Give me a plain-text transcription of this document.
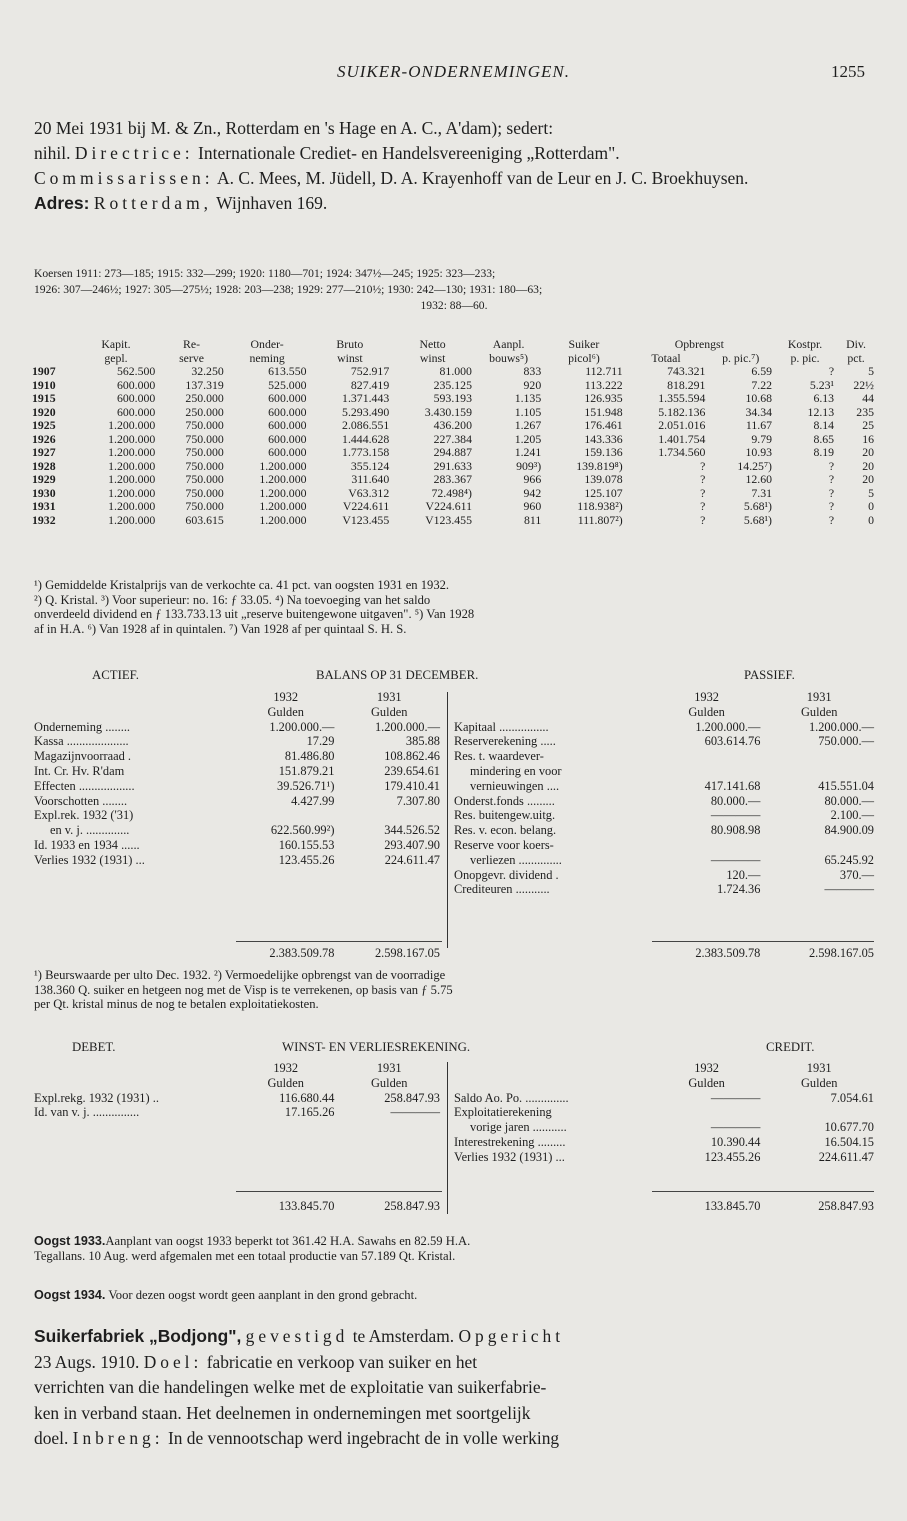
SUIKER-ONDERNEMINGEN.	1255

20 Mei 1931 bij M. & Zn., Rotterdam en 's Hage en A. C., A'dam); sedert:

nihil. Directrice: Internationale Crediet- en Handelsvereeniging „Rotterdam".

Commissarissen: A. C. Mees, M. Jüdell, D. A. Krayenhoff van de Leur en J. C. Broekhuysen.

Adres: Rotterdam, Wijnhaven 169.

Koersen 1911: 273—185; 1915: 332—299; 1920: 1180—701; 1924: 347½—245; 1925: 323—233;
1926: 307—246½; 1927: 305—275½; 1928: 203—238; 1929: 277—210½; 1930: 242—130; 1931: 180—63;
1932: 88—60.
	Kapit.	Re-	Onder-	Bruto	Netto	Aanpl.	Suiker	Opbrengst		Kostpr.	Div.
	gepl.	serve	neming	winst	winst	bouws⁵)	picol⁶)	Totaal	p. pic.⁷)	p. pic.	pct.
1907	562.500	32.250	613.550	752.917	81.000	833	112.711	743.321	6.59	?	5
1910	600.000	137.319	525.000	827.419	235.125	920	113.222	818.291	7.22	5.23¹	22½
1915	600.000	250.000	600.000	1.371.443	593.193	1.135	126.935	1.355.594	10.68	6.13	44
1920	600.000	250.000	600.000	5.293.490	3.430.159	1.105	151.948	5.182.136	34.34	12.13	235
1925	1.200.000	750.000	600.000	2.086.551	436.200	1.267	176.461	2.051.016	11.67	8.14	25
1926	1.200.000	750.000	600.000	1.444.628	227.384	1.205	143.336	1.401.754	9.79	8.65	16
1927	1.200.000	750.000	600.000	1.773.158	294.887	1.241	159.136	1.734.560	10.93	8.19	20
1928	1.200.000	750.000	1.200.000	355.124	291.633	909³)	139.819⁸)	?	14.25⁷)	?	20
1929	1.200.000	750.000	1.200.000	311.640	283.367	966	139.078	?	12.60	?	20
1930	1.200.000	750.000	1.200.000	V63.312	72.498⁴)	942	125.107	?	7.31	?	5
1931	1.200.000	750.000	1.200.000	V224.611	V224.611	960	118.938²)	?	5.68¹)	?	0
1932	1.200.000	603.615	1.200.000	V123.455	V123.455	811	111.807²)	?	5.68¹)	?	0

¹) Gemiddelde Kristalprijs van de verkochte ca. 41 pct. van oogsten 1931 en 1932.

²) Q. Kristal. ³) Voor superieur: no. 16: ƒ 33.05. ⁴) Na toevoeging van het saldo

onverdeeld dividend en ƒ 133.733.13 uit „reserve buitengewone uitgaven". ⁵) Van 1928

af in H.A. ⁶) Van 1928 af in quintalen. ⁷) Van 1928 af per quintaal S. H. S.

ACTIEF.	BALANS OP 31 DECEMBER.	PASSIEF.
	1932	1931
	Gulden	Gulden
Onderneming ........	1.200.000.—	1.200.000.—
Kassa ....................	17.29	385.88
Magazijnvoorraad .	81.486.80	108.862.46
Int. Cr. Hv. R'dam	151.879.21	239.654.61
Effecten ..................	39.526.71¹)	179.410.41
Voorschotten ........	4.427.99	7.307.80
Expl.rek. 1932 ('31)		
en v. j. ..............	622.560.99²)	344.526.52
Id. 1933 en 1934 ......	160.155.53	293.407.90
Verlies 1932 (1931) ...	123.455.26	224.611.47
	1932	1931
	Gulden	Gulden
Kapitaal ................	1.200.000.—	1.200.000.—
Reserverekening .....	603.614.76	750.000.—
Res. t. waardever-		
mindering en voor		
vernieuwingen ....	417.141.68	415.551.04
Onderst.fonds .........	80.000.—	80.000.—
Res. buitengew.uitg.	————	2.100.—
Res. v. econ. belang.	80.908.98	84.900.09
Reserve voor koers-		
verliezen ..............	————	65.245.92
Onopgevr. dividend .	120.—	370.—
Crediteuren ...........	1.724.36	————
	2.383.509.78	2.598.167.05
		2.383.509.78	2.598.167.05

¹) Beurswaarde per ulto Dec. 1932. ²) Vermoedelijke opbrengst van de voorradige

138.360 Q. suiker en hetgeen nog met de Visp is te verrekenen, op basis van ƒ 5.75

per Qt. kristal minus de nog te betalen exploitatiekosten.

DEBET.	WINST- EN VERLIESREKENING.	CREDIT.
	1932	1931
	Gulden	Gulden
Expl.rekg. 1932 (1931) ..	116.680.44	258.847.93
Id. van v. j. ...............	17.165.26	————
	1932	1931
	Gulden	Gulden
Saldo Ao. Po. ..............	————	7.054.61
Exploitatierekening		
vorige jaren ...........	————	10.677.70
Interestrekening .........	10.390.44	16.504.15
Verlies 1932 (1931) ...	123.455.26	224.611.47
	133.845.70	258.847.93
		133.845.70	258.847.93

Oogst 1933.Aanplant van oogst 1933 beperkt tot 361.42 H.A. Sawahs en 82.59 H.A.

Tegallans. 10 Aug. werd afgemalen met een totaal productie van 57.189 Qt. Kristal.

Oogst 1934. Voor dezen oogst wordt geen aanplant in den grond gebracht.

Suikerfabriek „Bodjong", gevestigd te Amsterdam. Opgericht

23 Augs. 1910. Doel: fabricatie en verkoop van suiker en het

verrichten van die handelingen welke met de exploitatie van suikerfabrie-

ken in verband staan. Het deelnemen in ondernemingen met soortgelijk

doel. Inbreng: In de vennootschap werd ingebracht de in volle werking
